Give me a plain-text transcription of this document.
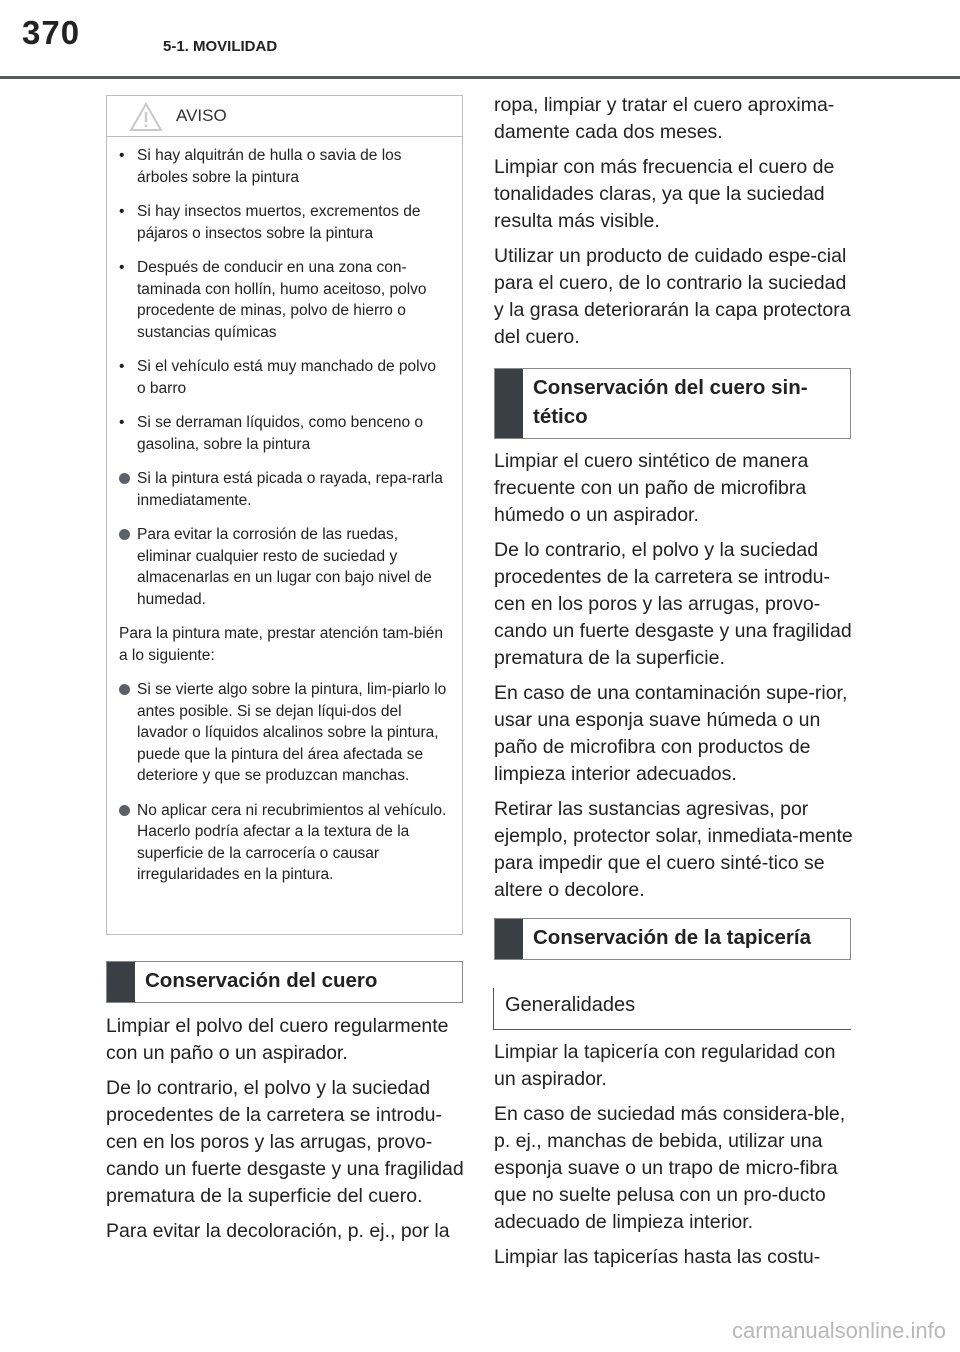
370	5-1. MOVILIDAD
AVISO
• Si hay alquitrán de hulla o savia de los árboles sobre la pintura
• Si hay insectos muertos, excrementos de pájaros o insectos sobre la pintura
• Después de conducir en una zona con-taminada con hollín, humo aceitoso, polvo procedente de minas, polvo de hierro o sustancias químicas
• Si el vehículo está muy manchado de polvo o barro
• Si se derraman líquidos, como benceno o gasolina, sobre la pintura
Si la pintura está picada o rayada, repa-rarla inmediatamente.
Para evitar la corrosión de las ruedas, eliminar cualquier resto de suciedad y almacenarlas en un lugar con bajo nivel de humedad.
Para la pintura mate, prestar atención tam-bién a lo siguiente:
Si se vierte algo sobre la pintura, lim-piarlo lo antes posible. Si se dejan líqui-dos del lavador o líquidos alcalinos sobre la pintura, puede que la pintura del área afectada se deteriore y que se produzcan manchas.
No aplicar cera ni recubrimientos al vehículo. Hacerlo podría afectar a la textura de la superficie de la carrocería o causar irregularidades en la pintura.
Conservación del cuero

Limpiar el polvo del cuero regularmente con un paño o un aspirador.

De lo contrario, el polvo y la suciedad procedentes de la carretera se introdu-cen en los poros y las arrugas, provo-cando un fuerte desgaste y una fragilidad prematura de la superficie del cuero.

Para evitar la decoloración, p. ej., por la

ropa, limpiar y tratar el cuero aproxima-damente cada dos meses.

Limpiar con más frecuencia el cuero de tonalidades claras, ya que la suciedad resulta más visible.

Utilizar un producto de cuidado espe-cial para el cuero, de lo contrario la suciedad y la grasa deteriorarán la capa protectora del cuero.

Conservación del cuero sin-tético

Limpiar el cuero sintético de manera frecuente con un paño de microfibra húmedo o un aspirador.

De lo contrario, el polvo y la suciedad procedentes de la carretera se introdu-cen en los poros y las arrugas, provo-cando un fuerte desgaste y una fragilidad prematura de la superficie.

En caso de una contaminación supe-rior, usar una esponja suave húmeda o un paño de microfibra con productos de limpieza interior adecuados.

Retirar las sustancias agresivas, por ejemplo, protector solar, inmediata-mente para impedir que el cuero sinté-tico se altere o decolore.

Conservación de la tapicería
Generalidades

Limpiar la tapicería con regularidad con un aspirador.

En caso de suciedad más considera-ble, p. ej., manchas de bebida, utilizar una esponja suave o un trapo de micro-fibra que no suelte pelusa con un pro-ducto adecuado de limpieza interior.

Limpiar las tapicerías hasta las costu-

carmanualsonline.info
